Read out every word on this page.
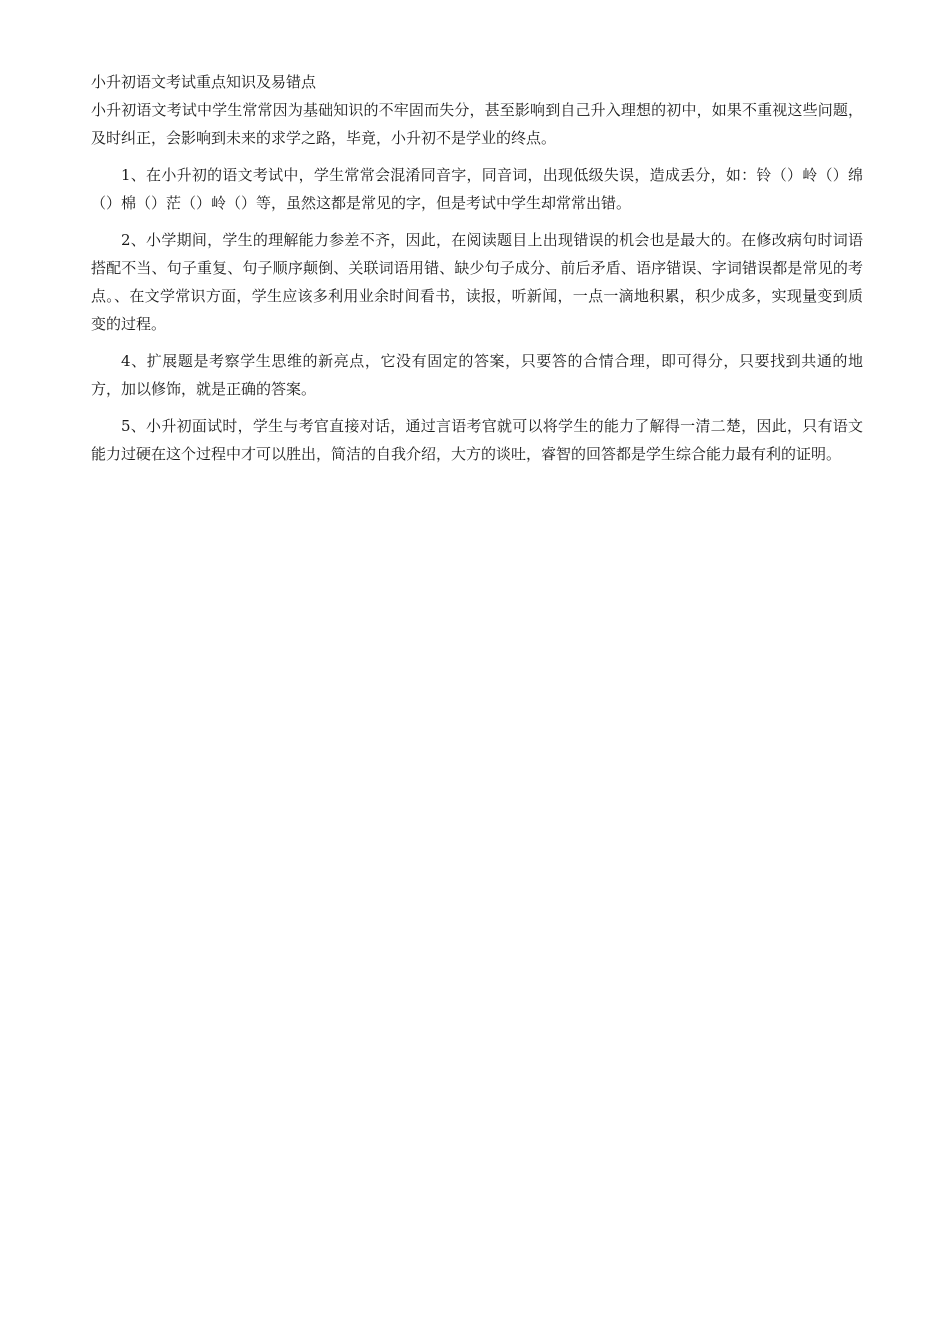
小升初语文考试重点知识及易错点

小升初语文考试中学生常常因为基础知识的不牢固而失分，甚至影响到自己升入理想的初中，如果不重视这些问题，及时纠正，会影响到未来的求学之路，毕竟，小升初不是学业的终点。

1、在小升初的语文考试中，学生常常会混淆同音字，同音词，出现低级失误，造成丢分，如：铃（）岭（）绵（）棉（）茫（）岭（）等，虽然这都是常见的字，但是考试中学生却常常出错。

2、小学期间，学生的理解能力参差不齐，因此，在阅读题目上出现错误的机会也是最大的。在修改病句时词语搭配不当、句子重复、句子顺序颠倒、关联词语用错、缺少句子成分、前后矛盾、语序错误、字词错误都是常见的考点。、在文学常识方面，学生应该多利用业余时间看书，读报，听新闻，一点一滴地积累，积少成多，实现量变到质变的过程。

4、扩展题是考察学生思维的新亮点，它没有固定的答案，只要答的合情合理，即可得分，只要找到共通的地方，加以修饰，就是正确的答案。

5、小升初面试时，学生与考官直接对话，通过言语考官就可以将学生的能力了解得一清二楚，因此，只有语文能力过硬在这个过程中才可以胜出，简洁的自我介绍，大方的谈吐，睿智的回答都是学生综合能力最有利的证明。
